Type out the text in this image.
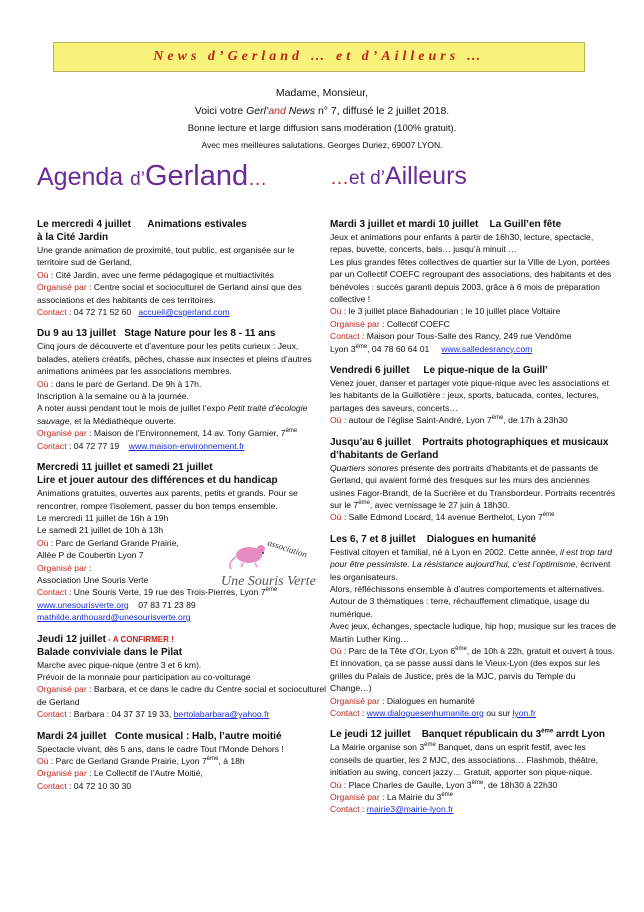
News d’Gerland … et d’Ailleurs …
Madame, Monsieur,
Voici votre Gerl’and News n° 7, diffusé le 2 juillet 2018.
Bonne lecture et large diffusion sans modération (100% gratuit).
Avec mes meilleures salutations. Georges Duriez, 69007 LYON.
Agenda d’Gerland…
Le mercredi 4 juillet Animations estivales
à la Cité Jardin

Une grande animation de proximité, tout public, est organisée sur le territoire sud de Gerland,

Où : Cité Jardin, avec une ferme pédagogique et multiactivités

Organisé par : Centre social et socioculturel de Gerland ainsi que des associations et des habitants de ces territoires.

Contact : 04 72 71 52 60 accueil@csgerland.com

Du 9 au 13 juillet Stage Nature pour les 8 - 11 ans

Cinq jours de découverte et d’aventure pour les petits curieux : Jeux, balades, ateliers créatifs, pêches, chasse aux insectes et pleins d’autres animations animées par les associations membres.

Où : dans le parc de Gerland. De 9h à 17h.

Inscription à la semaine ou à la journée.

A noter aussi pendant tout le mois de juillet l’expo Petit traité d’écologie sauvage, et la Médiathèque ouverte.

Organisé par : Maison de l’Environnement, 14 av. Tony Garnier, 7ème

Contact : 04 72 77 19 www.maison-environnement.fr

Mercredi 11 juillet et samedi 21 juillet
Lire et jouer autour des différences et du handicap

Animations gratuites, ouvertes aux parents, petits et grands. Pour se rencontrer, rompre l’isolement, passer du bon temps ensemble.

Le mercredi 11 juillet de 16h à 19h

Le samedi 21 juillet de 10h à 13h

Où : Parc de Gerland Grande Prairie,

Allée P de Coubertin Lyon 7

Organisé par :

Association Une Souris Verte

Contact : Une Souris Verte, 19 rue des Trois-Pierres, Lyon 7ème

www.unesourisverte.org 07 83 71 23 89

mathilde.anthouard@unesourisverte.org

association
Une Souris Verte
Jeudi 12 juillet - A CONFIRMER !
Balade conviviale dans le Pilat

Marche avec pique-nique (entre 3 et 6 km).

Prévoir de la monnaie pour participation au co-voiturage

Organisé par : Barbara, et ce dans le cadre du Centre social et socioculturel de Gerland

Contact : Barbara : 04 37 37 19 33, bertolabarbara@yahoo.fr

Mardi 24 juillet Conte musical : Halb, l’autre moitié

Spectacle vivant, dès 5 ans, dans le cadre Tout l’Monde Dehors !

Où : Parc de Gerland Grande Prairie, Lyon 7ème, à 18h

Organisé par : Le Collectif de l’Autre Moitié,

Contact : 04 72 10 30 30

…et d’Ailleurs
Mardi 3 juillet et mardi 10 juillet La Guill’en fête

Jeux et animations pour enfants à partir de 16h30, lecture, spectacle, repas, buvette, concerts, bals… jusqu’à minuit …

Les plus grandes fêtes collectives de quartier sur la Ville de Lyon, portées par un Collectif COEFC regroupant des associations, des habitants et des bénévoles : succès garanti depuis 2003, grâce à 6 mois de préparation collective !

Où : le 3 juillet place Bahadourian ; le 10 juillet place Voltaire

Organisé par : Collectif COEFC

Contact : Maison pour Tous-Salle des Rancy, 249 rue Vendôme

Lyon 3ème, 04 78 60 64 01 www.salledesrancy.com

Vendredi 6 juillet Le pique-nique de la Guill’

Venez jouer, danser et partager vote pique-nique avec les associations et les habitants de la Guillotière : jeux, sports, batucada, contes, lectures, partages des saveurs, concerts…

Où : autour de l’église Saint-André, Lyon 7ème, de 17h à 23h30

Jusqu’au 6 juillet Portraits photographiques et musicaux d’habitants de Gerland

Quartiers sonores présente des portraits d’habitants et de passants de Gerland, qui avaient formé des fresques sur les murs des anciennes usines Fagor-Brandt, de la Sucrière et du Transbordeur. Portraits recentrés sur le 7ème, avec vernissage le 27 juin à 18h30.

Où : Salle Edmond Locard, 14 avenue Berthelot, Lyon 7ème

Les 6, 7 et 8 juillet Dialogues en humanité

Festival citoyen et familial, né à Lyon en 2002. Cette année, il est trop tard pour être pessimiste. La résistance aujourd’hui, c’est l’optimisme, écrivent les organisateurs.

Alors, réfléchissons ensemble à d’autres comportements et alternatives. Autour de 3 thématiques : terre, réchauffement climatique, usage du numérique.

Avec jeux, échanges, spectacle ludique, hip hop, musique sur les traces de Martin Luther King…

Où : Parc de la Tête d’Or, Lyon 6ème, de 10h à 22h, gratuit et ouvert à tous. Et innovation, ça se passe aussi dans le Vieux-Lyon (des expos sur les grilles du Palais de Justice, près de la MJC, parvis du Temple du Change…)

Organisé par : Dialogues en humanité

Contact : www.dialoguesenhumanite.org ou sur lyon.fr

Le jeudi 12 juillet Banquet républicain du 3ème arrdt Lyon

La Mairie organise son 3ème Banquet, dans un esprit festif, avec les conseils de quartier, les 2 MJC, des associations… Flashmob, théâtre, initiation au swing, concert jazzy… Gratuit, apporter son pique-nique.

Où : Place Charles de Gaulle, Lyon 3ème, de 18h30 à 22h30

Organisé par : La Mairie du 3ème

Contact : mairie3@mairie-lyon.fr
